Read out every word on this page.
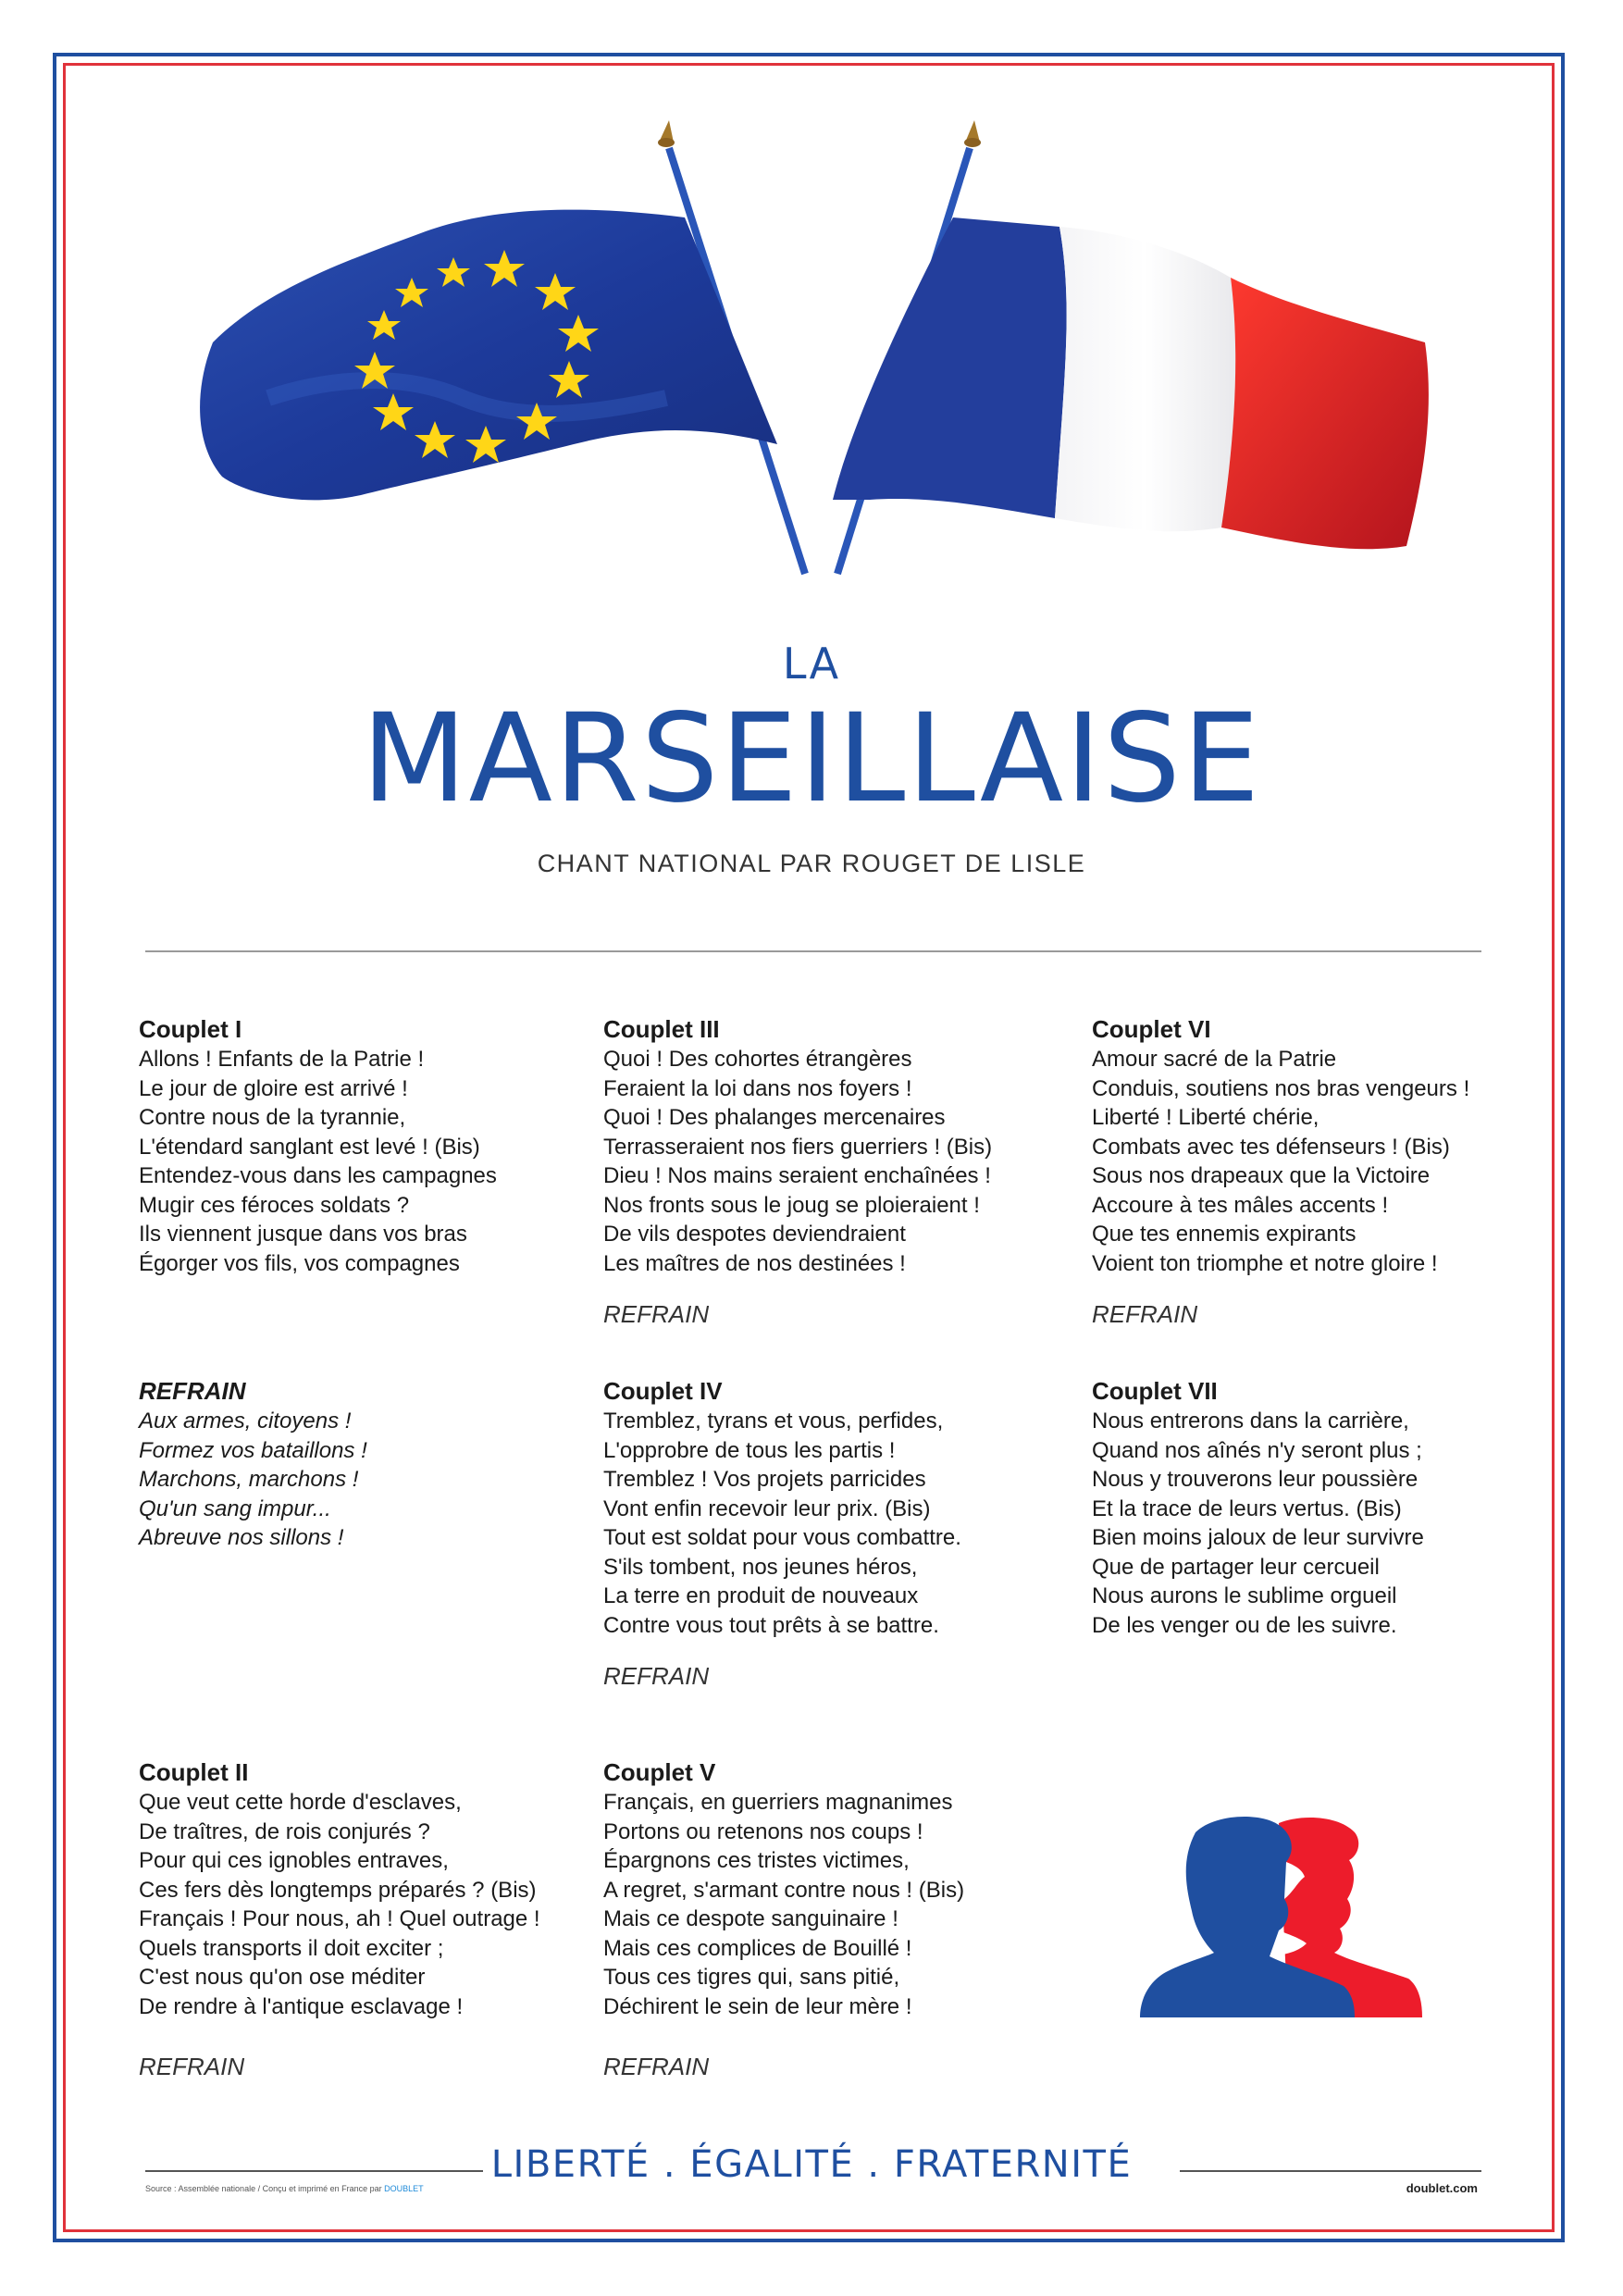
LA
MARSEILLAISE
CHANT NATIONAL PAR ROUGET DE LISLE
Couplet I
Allons ! Enfants de la Patrie !
Le jour de gloire est arrivé !
Contre nous de la tyrannie,
L'étendard sanglant est levé ! (Bis)
Entendez-vous dans les campagnes
Mugir ces féroces soldats ?
Ils viennent jusque dans vos bras
Égorger vos fils, vos compagnes
REFRAIN
Aux armes, citoyens !
Formez vos bataillons !
Marchons, marchons !
Qu'un sang impur...
Abreuve nos sillons !
Couplet II
Que veut cette horde d'esclaves,
De traîtres, de rois conjurés ?
Pour qui ces ignobles entraves,
Ces fers dès longtemps préparés ? (Bis)
Français ! Pour nous, ah ! Quel outrage !
Quels transports il doit exciter ;
C'est nous qu'on ose méditer
De rendre à l'antique esclavage !
REFRAIN
Couplet III
Quoi ! Des cohortes étrangères
Feraient la loi dans nos foyers !
Quoi ! Des phalanges mercenaires
Terrasseraient nos fiers guerriers ! (Bis)
Dieu ! Nos mains seraient enchaînées !
Nos fronts sous le joug se ploieraient !
De vils despotes deviendraient
Les maîtres de nos destinées !
REFRAIN
Couplet IV
Tremblez, tyrans et vous, perfides,
L'opprobre de tous les partis !
Tremblez ! Vos projets parricides
Vont enfin recevoir leur prix. (Bis)
Tout est soldat pour vous combattre.
S'ils tombent, nos jeunes héros,
La terre en produit de nouveaux
Contre vous tout prêts à se battre.
REFRAIN
Couplet V
Français, en guerriers magnanimes
Portons ou retenons nos coups !
Épargnons ces tristes victimes,
A regret, s'armant contre nous ! (Bis)
Mais ce despote sanguinaire !
Mais ces complices de Bouillé !
Tous ces tigres qui, sans pitié,
Déchirent le sein de leur mère !
REFRAIN
Couplet VI
Amour sacré de la Patrie
Conduis, soutiens nos bras vengeurs !
Liberté ! Liberté chérie,
Combats avec tes défenseurs ! (Bis)
Sous nos drapeaux que la Victoire
Accoure à tes mâles accents !
Que tes ennemis expirants
Voient ton triomphe et notre gloire !
REFRAIN
Couplet VII
Nous entrerons dans la carrière,
Quand nos aînés n'y seront plus ;
Nous y trouverons leur poussière
Et la trace de leurs vertus. (Bis)
Bien moins jaloux de leur survivre
Que de partager leur cercueil
Nous aurons le sublime orgueil
De les venger ou de les suivre.
LIBERTÉ . ÉGALITÉ . FRATERNITÉ
Source : Assemblée nationale / Conçu et imprimé en France par DOUBLET	doublet.com
